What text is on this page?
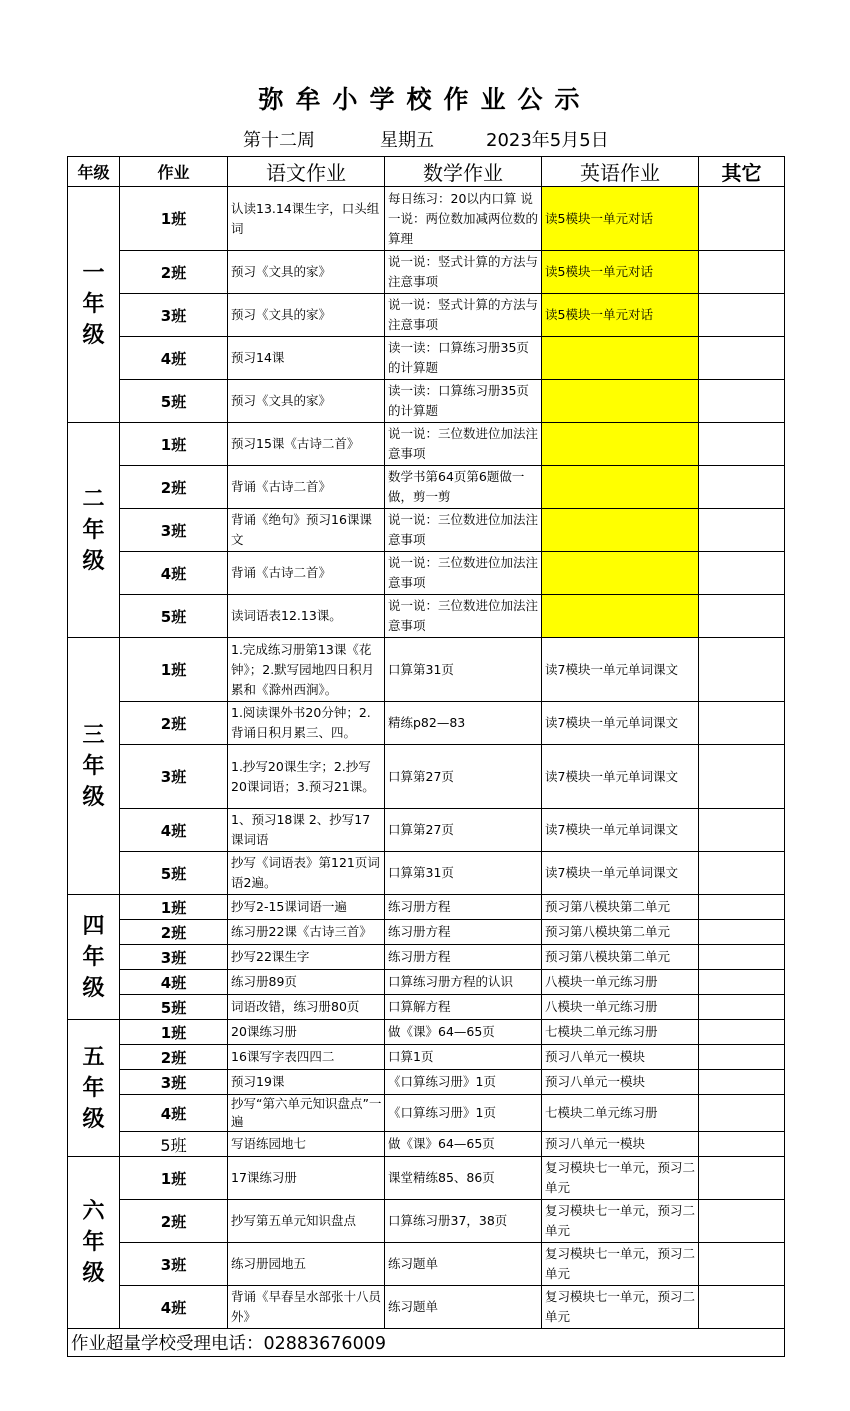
弥牟小学校作业公示
第十二周	星期五	2023年5月5日
年级	作业	语文作业	数学作业	英语作业	其它
一
年
级	1班	认读13.14课生字，口头组词	每日练习：20以内口算 说一说：两位数加减两位数的算理	读5模块一单元对话	
	2班	预习《文具的家》	说一说：竖式计算的方法与注意事项	读5模块一单元对话	
	3班	预习《文具的家》	说一说：竖式计算的方法与注意事项	读5模块一单元对话	
	4班	预习14课	读一读：口算练习册35页的计算题		
	5班	预习《文具的家》	读一读：口算练习册35页的计算题		
二
年
级	1班	预习15课《古诗二首》	说一说：三位数进位加法注意事项		
	2班	背诵《古诗二首》	数学书第64页第6题做一做，剪一剪		
	3班	背诵《绝句》预习16课课文	说一说：三位数进位加法注意事项		
	4班	背诵《古诗二首》	说一说：三位数进位加法注意事项		
	5班	读词语表12.13课。	说一说：三位数进位加法注意事项		
三
年
级	1班	1.完成练习册第13课《花钟》；2.默写园地四日积月累和《滁州西涧》。	口算第31页	读7模块一单元单词课文	
	2班	1.阅读课外书20分钟；2.背诵日积月累三、四。	精练p82—83	读7模块一单元单词课文	
	3班	1.抄写20课生字；2.抄写20课词语；3.预习21课。	口算第27页	读7模块一单元单词课文	
	4班	1、预习18课 2、抄写17课词语	口算第27页	读7模块一单元单词课文	
	5班	抄写《词语表》第121页词语2遍。	口算第31页	读7模块一单元单词课文	
四
年
级	1班	抄写2-15课词语一遍	练习册方程	预习第八模块第二单元	
	2班	练习册22课《古诗三首》	练习册方程	预习第八模块第二单元	
	3班	抄写22课生字	练习册方程	预习第八模块第二单元	
	4班	练习册89页	口算练习册方程的认识	八模块一单元练习册	
	5班	词语改错，练习册80页	口算解方程	八模块一单元练习册	
五
年
级	1班	20课练习册	做《课》64—65页	七模块二单元练习册	
	2班	16课写字表四四二	口算1页	预习八单元一模块	
	3班	预习19课	《口算练习册》1页	预习八单元一模块	
	4班	抄写“第六单元知识盘点”一遍	《口算练习册》1页	七模块二单元练习册	
	5班	写语练园地七	做《课》64—65页	预习八单元一模块	
六
年
级	1班	17课练习册	课堂精练85、86页	复习模块七一单元，预习二单元	
	2班	抄写第五单元知识盘点	口算练习册37，38页	复习模块七一单元，预习二单元	
	3班	练习册园地五	练习题单	复习模块七一单元，预习二单元	
	4班	背诵《早春呈水部张十八员外》	练习题单	复习模块七一单元，预习二单元	
作业超量学校受理电话：02883676009					
